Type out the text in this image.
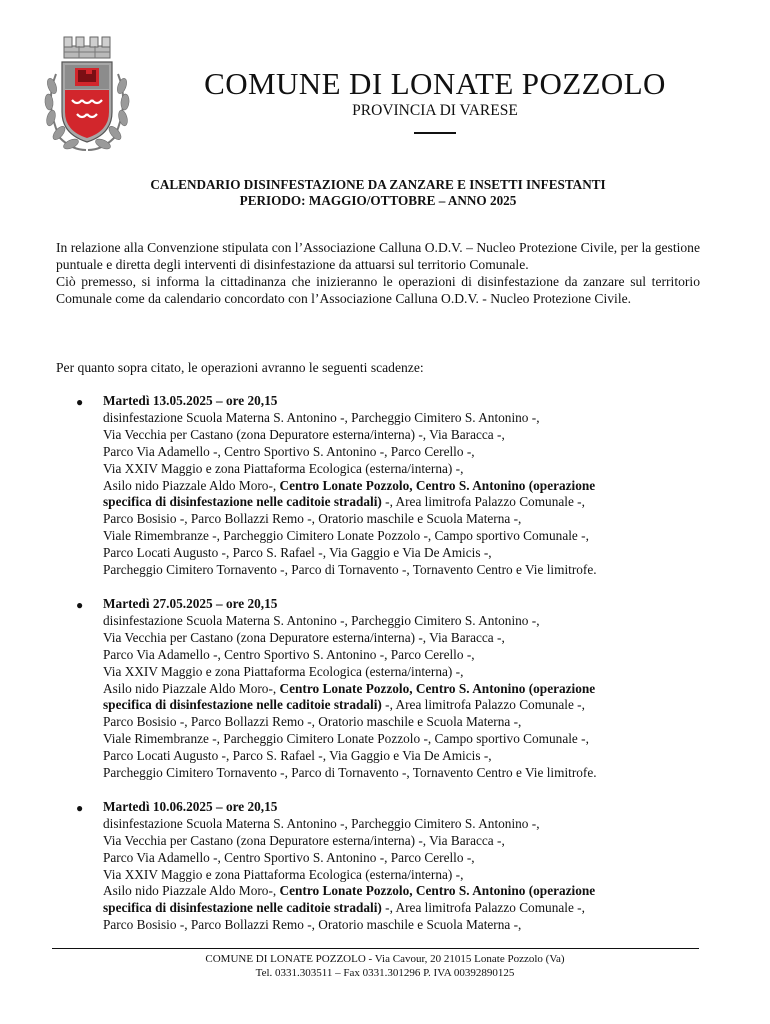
COMUNE DI LONATE POZZOLO
PROVINCIA DI VARESE
CALENDARIO DISINFESTAZIONE DA ZANZARE E INSETTI INFESTANTI
PERIODO: MAGGIO/OTTOBRE – ANNO 2025

In relazione alla Convenzione stipulata con l’Associazione Calluna O.D.V. – Nucleo Protezione Civile, per la gestione puntuale e diretta degli interventi di disinfestazione da attuarsi sul territorio Comunale.

Ciò premesso, si informa la cittadinanza che inizieranno le operazioni di disinfestazione da zanzare sul territorio Comunale come da calendario concordato con l’Associazione Calluna O.D.V. - Nucleo Protezione Civile.

Per quanto sopra citato, le operazioni avranno le seguenti scadenze:
● Martedì 13.05.2025 – ore 20,15
disinfestazione Scuola Materna S. Antonino -, Parcheggio Cimitero S. Antonino -,
Via Vecchia per Castano (zona Depuratore esterna/interna) -, Via Baracca -,
Parco Via Adamello -, Centro Sportivo S. Antonino -, Parco Cerello -,
Via XXIV Maggio e zona Piattaforma Ecologica (esterna/interna) -,
Asilo nido Piazzale Aldo Moro-, Centro Lonate Pozzolo, Centro S. Antonino (operazione
specifica di disinfestazione nelle caditoie stradali) -, Area limitrofa Palazzo Comunale -,
Parco Bosisio -, Parco Bollazzi Remo -, Oratorio maschile e Scuola Materna -,
Viale Rimembranze -, Parcheggio Cimitero Lonate Pozzolo -, Campo sportivo Comunale -,
Parco Locati Augusto -, Parco S. Rafael -, Via Gaggio e Via De Amicis -,
Parcheggio Cimitero Tornavento -, Parco di Tornavento -, Tornavento Centro e Vie limitrofe.
● Martedì 27.05.2025 – ore 20,15
disinfestazione Scuola Materna S. Antonino -, Parcheggio Cimitero S. Antonino -,
Via Vecchia per Castano (zona Depuratore esterna/interna) -, Via Baracca -,
Parco Via Adamello -, Centro Sportivo S. Antonino -, Parco Cerello -,
Via XXIV Maggio e zona Piattaforma Ecologica (esterna/interna) -,
Asilo nido Piazzale Aldo Moro-, Centro Lonate Pozzolo, Centro S. Antonino (operazione
specifica di disinfestazione nelle caditoie stradali) -, Area limitrofa Palazzo Comunale -,
Parco Bosisio -, Parco Bollazzi Remo -, Oratorio maschile e Scuola Materna -,
Viale Rimembranze -, Parcheggio Cimitero Lonate Pozzolo -, Campo sportivo Comunale -,
Parco Locati Augusto -, Parco S. Rafael -, Via Gaggio e Via De Amicis -,
Parcheggio Cimitero Tornavento -, Parco di Tornavento -, Tornavento Centro e Vie limitrofe.
● Martedì 10.06.2025 – ore 20,15
disinfestazione Scuola Materna S. Antonino -, Parcheggio Cimitero S. Antonino -,
Via Vecchia per Castano (zona Depuratore esterna/interna) -, Via Baracca -,
Parco Via Adamello -, Centro Sportivo S. Antonino -, Parco Cerello -,
Via XXIV Maggio e zona Piattaforma Ecologica (esterna/interna) -,
Asilo nido Piazzale Aldo Moro-, Centro Lonate Pozzolo, Centro S. Antonino (operazione
specifica di disinfestazione nelle caditoie stradali) -, Area limitrofa Palazzo Comunale -,
Parco Bosisio -, Parco Bollazzi Remo -, Oratorio maschile e Scuola Materna -,
COMUNE DI LONATE POZZOLO - Via Cavour, 20 21015 Lonate Pozzolo (Va)
Tel. 0331.303511 – Fax 0331.301296 P. IVA 00392890125
